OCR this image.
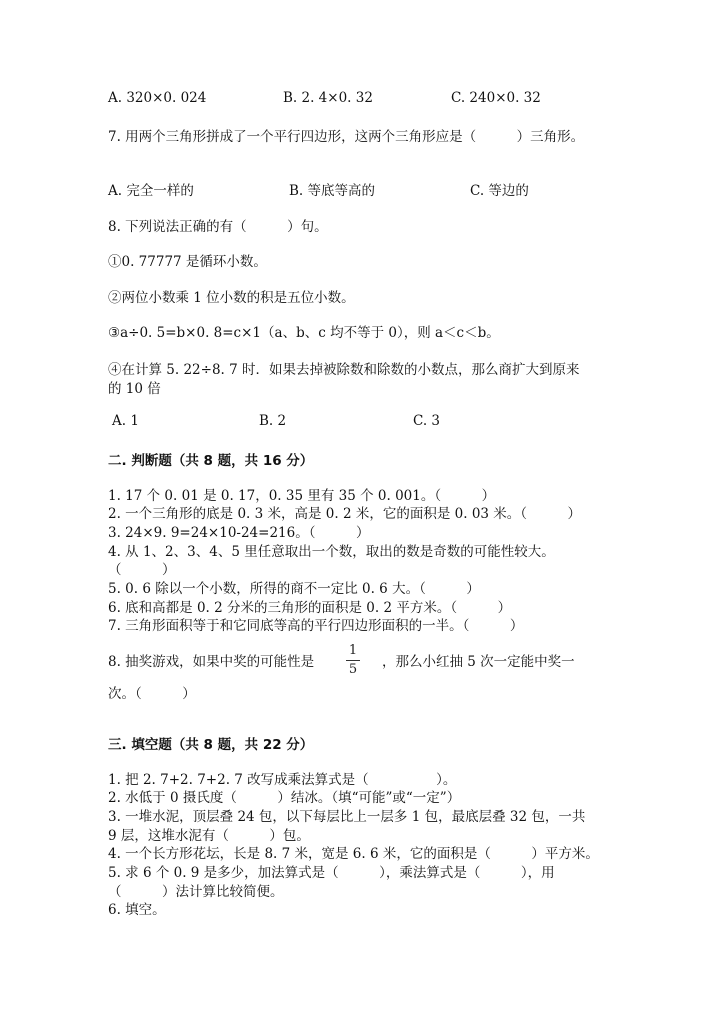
A. 320×0. 024	B. 2. 4×0. 32	C. 240×0. 32
7. 用两个三角形拼成了一个平行四边形，这两个三角形应是（　　　）三角形。
A. 完全一样的	B. 等底等高的	C. 等边的
8. 下列说法正确的有（　　　）句。
①0. 77777 是循环小数。
②两位小数乘 1 位小数的积是五位小数。
③a÷0. 5=b×0. 8=c×1（a、b、c 均不等于 0），则 a＜c＜b。
④在计算 5. 22÷8. 7 时．如果去掉被除数和除数的小数点，那么商扩大到原来
的 10 倍
A. 1	B. 2	C. 3
二. 判断题（共 8 题，共 16 分）
1. 17 个 0. 01 是 0. 17，0. 35 里有 35 个 0. 001。（　　　）
2. 一个三角形的底是 0. 3 米，高是 0. 2 米，它的面积是 0. 03 米。（　　　）
3. 24×9. 9=24×10-24=216。（　　　）
4. 从 1、2、3、4、5 里任意取出一个数，取出的数是奇数的可能性较大。
（　　　）
5. 0. 6 除以一个小数，所得的商不一定比 0. 6 大。（　　　）
6. 底和高都是 0. 2 分米的三角形的面积是 0. 2 平方米。（　　　）
7. 三角形面积等于和它同底等高的平行四边形面积的一半。（　　　）
8. 抽奖游戏，如果中奖的可能性是
1
5 ，那么小红抽 5 次一定能中奖一
次。（　　　）
三. 填空题（共 8 题，共 22 分）
1. 把 2. 7+2. 7+2. 7 改写成乘法算式是（　　　　　）。
2. 水低于 0 摄氏度（　　　）结冰。（填“可能”或“一定”）
3. 一堆水泥，顶层叠 24 包，以下每层比上一层多 1 包，最底层叠 32 包，一共
9 层，这堆水泥有（　　　）包。
4. 一个长方形花坛，长是 8. 7 米，宽是 6. 6 米，它的面积是（　　　）平方米。
5. 求 6 个 0. 9 是多少，加法算式是（　　　），乘法算式是（　　　），用
（　　　）法计算比较简便。
6. 填空。
